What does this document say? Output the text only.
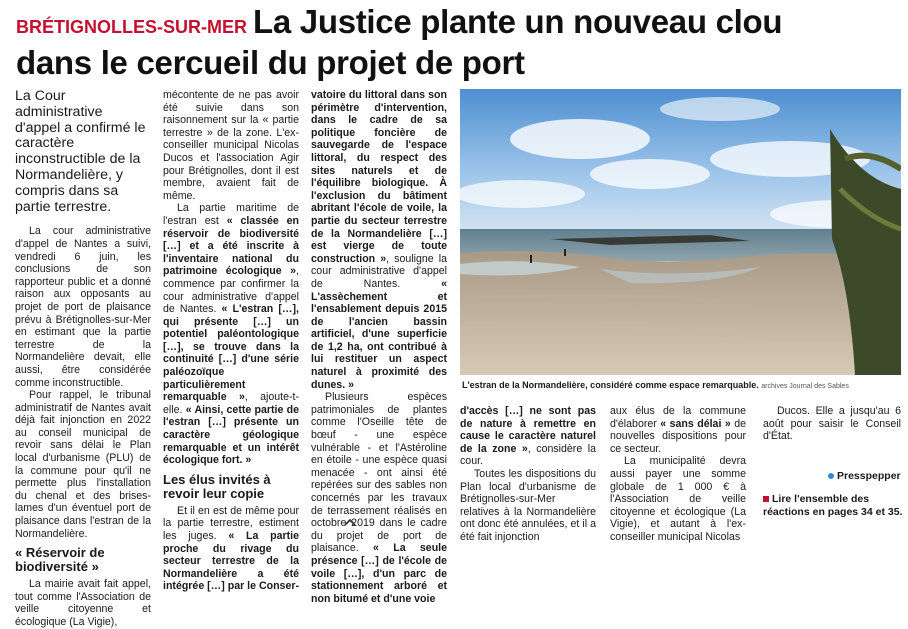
BRÉTIGNOLLES-SUR-MER La Justice plante un nouveau clou
dans le cercueil du projet de port

La Cour administrative d'appel a confirmé le caractère inconstructible de la Normandelière, y compris dans sa partie terrestre.

La cour administrative d'appel de Nantes a suivi, vendredi 6 juin, les conclusions de son rapporteur public et a donné raison aux opposants au projet de port de plaisance prévu à Brétignolles-sur-Mer en estimant que la partie terrestre de la Normandelière devait, elle aussi, être considérée comme inconstructible.

Pour rappel, le tribunal administratif de Nantes avait déjà fait injonction en 2022 au conseil municipal de revoir sans délai le Plan local d'urbanisme (PLU) de la commune pour qu'il ne permette plus l'installation du chenal et des brises-lames d'un éventuel port de plaisance dans l'estran de la Normandelière.

« Réservoir de biodiversité »

La mairie avait fait appel, tout comme l'Association de veille citoyenne et écologique (La Vigie),

mécontente de ne pas avoir été suivie dans son raisonnement sur la « partie terrestre » de la zone. L'ex-conseiller municipal Nicolas Ducos et l'association Agir pour Brétignolles, dont il est membre, avaient fait de même.

La partie maritime de l'estran est « classée en réservoir de biodiversité […] et a été inscrite à l'inventaire national du patrimoine écologique », commence par confirmer la cour administrative d'appel de Nantes. « L'estran […], qui présente […] un potentiel paléontologique […], se trouve dans la continuité […] d'une série paléozoïque particulièrement remarquable », ajoute-t-elle. « Ainsi, cette partie de l'estran […] présente un caractère géologique remarquable et un intérêt écologique fort. »

Les élus invités à revoir leur copie

Et il en est de même pour la partie terrestre, estiment les juges. « La partie proche du rivage du secteur terrestre de la Normandelière a été intégrée […] par le Conser-

vatoire du littoral dans son périmètre d'intervention, dans le cadre de sa politique foncière de sauvegarde de l'espace littoral, du respect des sites naturels et de l'équilibre biologique. À l'exclusion du bâtiment abritant l'école de voile, la partie du secteur terrestre de la Normandelière […] est vierge de toute construction », souligne la cour administrative d'appel de Nantes. « L'assèchement et l'ensablement depuis 2015 de l'ancien bassin artificiel, d'une superficie de 1,2 ha, ont contribué à lui restituer un aspect naturel à proximité des dunes. »

Plusieurs espèces patrimoniales de plantes comme l'Oseille tête de bœuf - une espèce vulnérable - et l'Astéroline en étoile - une espèce quasi menacée - ont ainsi été repérées sur des sables non concernés par les travaux de terrassement réalisés en octobre 2019 dans le cadre du projet de port de plaisance. « La seule présence […] de l'école de voile […], d'un parc de stationnement arboré et non bitumé et d'une voie

L'estran de la Normandelière, considéré comme espace remarquable. archives Journal des Sables

d'accès […] ne sont pas de nature à remettre en cause le caractère naturel de la zone », considère la cour.

Toutes les dispositions du Plan local d'urbanisme de Brétignolles-sur-Mer relatives à la Normandelière ont donc été annulées, et il a été fait injonction

aux élus de la commune d'élaborer « sans délai » de nouvelles dispositions pour ce secteur.

La municipalité devra aussi payer une somme globale de 1 000 € à l'Association de veille citoyenne et écologique (La Vigie), et autant à l'ex-conseiller municipal Nicolas

Ducos. Elle a jusqu'au 6 août pour saisir le Conseil d'État.

Presspepper
Lire l'ensemble des réactions en pages 34 et 35.
